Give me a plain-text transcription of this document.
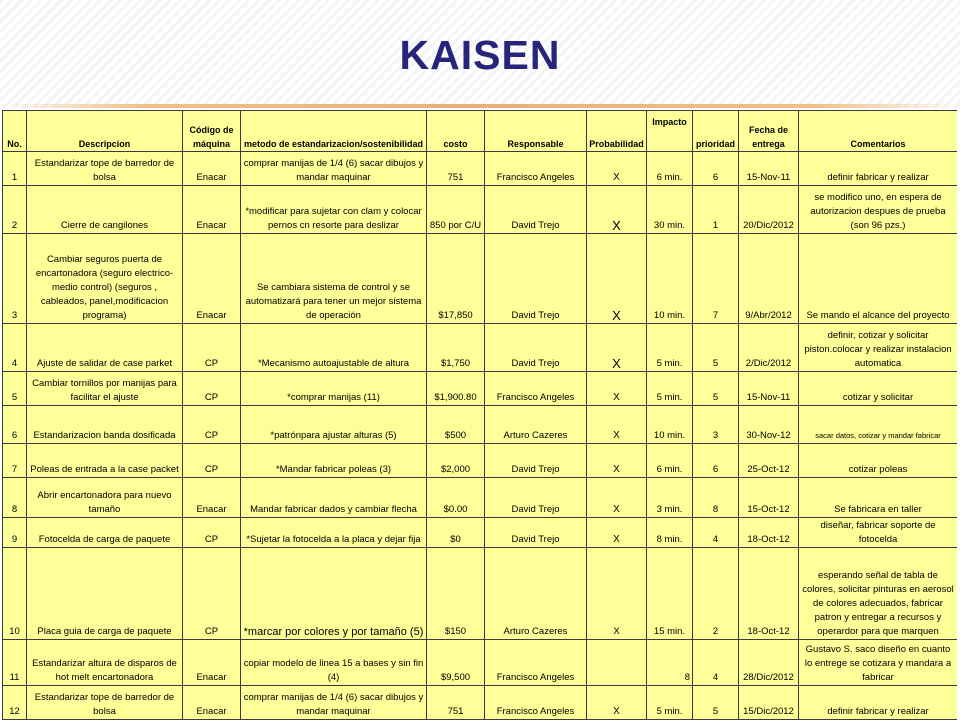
KAISEN
No.	Descripcion	Código de máquina	metodo de estandarizacion/sostenibilidad	costo	Responsable	Probabilidad	Impacto	prioridad	Fecha de entrega	Comentarios
1	Estandarizar tope de barredor de bolsa	Enacar	comprar manijas de 1/4 (6) sacar dibujos y mandar maquinar	751	Francisco Angeles	X	6 min.	6	15-Nov-11	definir fabricar y realizar
2	Cierre de cangilones	Enacar	*modificar para sujetar con clam y colocar pernos cn resorte para deslizar	850 por C/U	David Trejo	X	30 min.	1	20/Dic/2012	se modifico uno, en espera de autorizacion despues de prueba (son 96 pzs.)
3	Cambiar seguros puerta de encartonadora (seguro electrico-medio control) (seguros , cableados, panel,modificacion programa)	Enacar	Se cambiara sistema de control y se automatizará para tener un mejor sistema de operación	$17,850	David Trejo	X	10 min.	7	9/Abr/2012	Se mando el alcance del proyecto
4	Ajuste de salidar de case parket	CP	*Mecanismo autoajustable de altura	$1,750	David Trejo	X	5 min.	5	2/Dic/2012	definir, cotizar y solicitar piston.colocar y realizar instalacion automatica
5	Cambiar tornillos por manijas para facilitar el ajuste	CP	*comprar manijas (11)	$1,900.80	Francisco Angeles	X	5 min.	5	15-Nov-11	cotizar y solicitar
6	Estandarizacion banda dosificada	CP	*patrónpara ajustar alturas (5)	$500	Arturo Cazeres	X	10 min.	3	30-Nov-12	sacar datos, cotizar y mandar fabricar
7	Poleas de entrada a la case packet	CP	*Mandar fabricar poleas (3)	$2,000	David Trejo	X	6 min.	6	25-Oct-12	cotizar poleas
8	Abrir encartonadora para nuevo tamaño	Enacar	Mandar fabricar dados y cambiar flecha	$0.00	David Trejo	X	3 min.	8	15-Oct-12	Se fabricara en taller
9	Fotocelda de carga de paquete	CP	*Sujetar la fotocelda a la placa y dejar fija	$0	David Trejo	X	8 min.	4	18-Oct-12	diseñar, fabricar soporte de fotocelda
10	Placa guia de carga de paquete	CP	*marcar por colores y por tamaño (5)	$150	Arturo Cazeres	X	15 min.	2	18-Oct-12	esperando señal de tabla de colores, solicitar pinturas en aerosol de colores adecuados, fabricar patron y entregar a recursos y operardor para que marquen
11	Estandarizar altura de disparos de hot melt encartonadora	Enacar	copiar modelo de linea 15 a bases y sin fin (4)	$9,500	Francisco Angeles		8	4	28/Dic/2012	Gustavo S. saco diseño en cuanto lo entrege se cotizara y mandara a fabricar
12	Estandarizar tope de barredor de bolsa	Enacar	comprar manijas de 1/4 (6) sacar dibujos y mandar maquinar	751	Francisco Angeles	X	5 min.	5	15/Dic/2012	definir fabricar y realizar
